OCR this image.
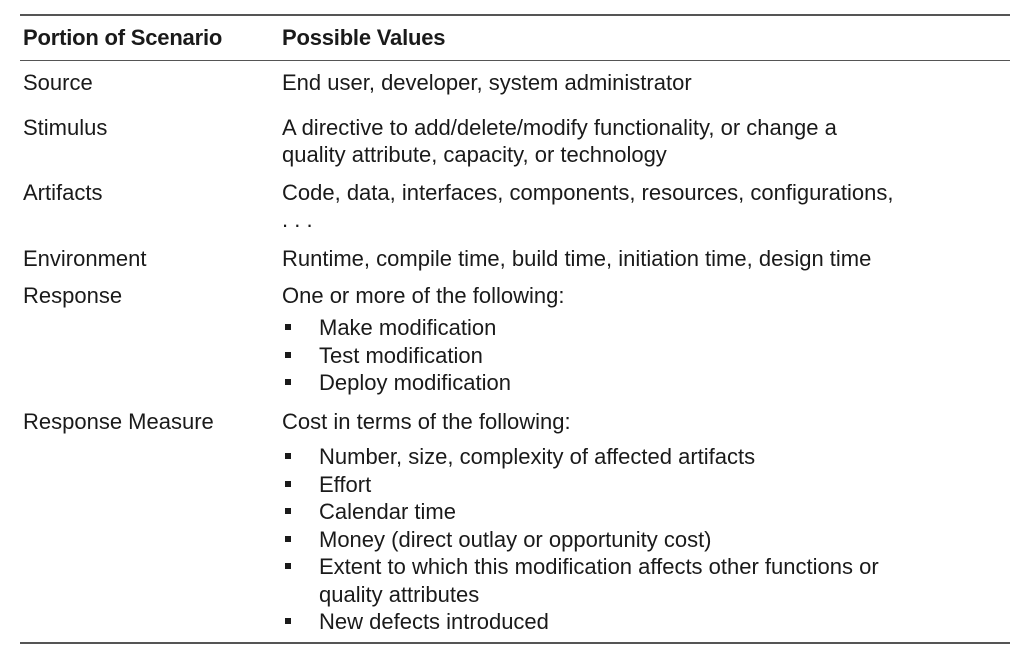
Portion of Scenario	Possible Values
Source	End user, developer, system administrator
Stimulus	A directive to add/delete/modify functionality, or change a
quality attribute, capacity, or technology
Artifacts	Code, data, interfaces, components, resources, configurations,
. . .
Environment	Runtime, compile time, build time, initiation time, design time
Response	One or more of the following:
Make modification
Test modification
Deploy modification
Response Measure	Cost in terms of the following:
Number, size, complexity of affected artifacts
Effort
Calendar time
Money (direct outlay or opportunity cost)
Extent to which this modification affects other functions or
quality attributes
New defects introduced
